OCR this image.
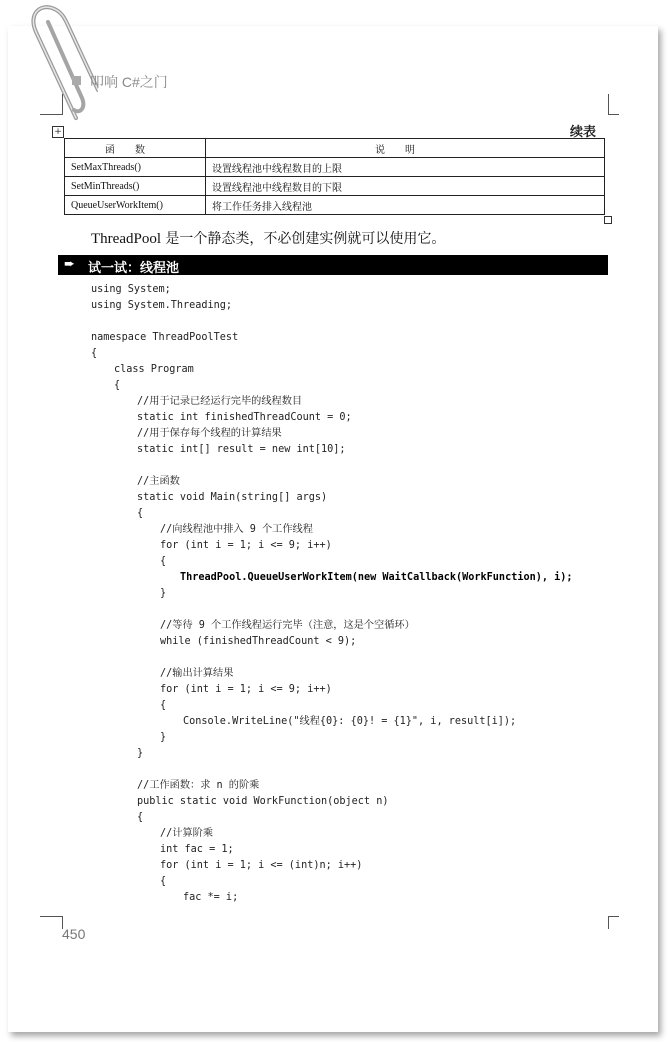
叩响 C#之门
续表
+
函数	说明
SetMaxThreads()	设置线程池中线程数目的上限
SetMinThreads()	设置线程池中线程数目的下限
QueueUserWorkItem()	将工作任务排入线程池
ThreadPool 是一个静态类，不必创建实例就可以使用它。
➨ 试一试：线程池
using System;
using System.Threading;
namespace ThreadPoolTest
{
class Program
{
//用于记录已经运行完毕的线程数目
static int finishedThreadCount = 0;
//用于保存每个线程的计算结果
static int[] result = new int[10];
//主函数
static void Main(string[] args)
{
//向线程池中排入 9 个工作线程
for (int i = 1; i <= 9; i++)
{
ThreadPool.QueueUserWorkItem(new WaitCallback(WorkFunction), i);
}
//等待 9 个工作线程运行完毕（注意，这是个空循环）
while (finishedThreadCount < 9);
//输出计算结果
for (int i = 1; i <= 9; i++)
{
Console.WriteLine("线程{0}: {0}! = {1}", i, result[i]);
}
}
//工作函数：求 n 的阶乘
public static void WorkFunction(object n)
{
//计算阶乘
int fac = 1;
for (int i = 1; i <= (int)n; i++)
{
fac *= i;
450
